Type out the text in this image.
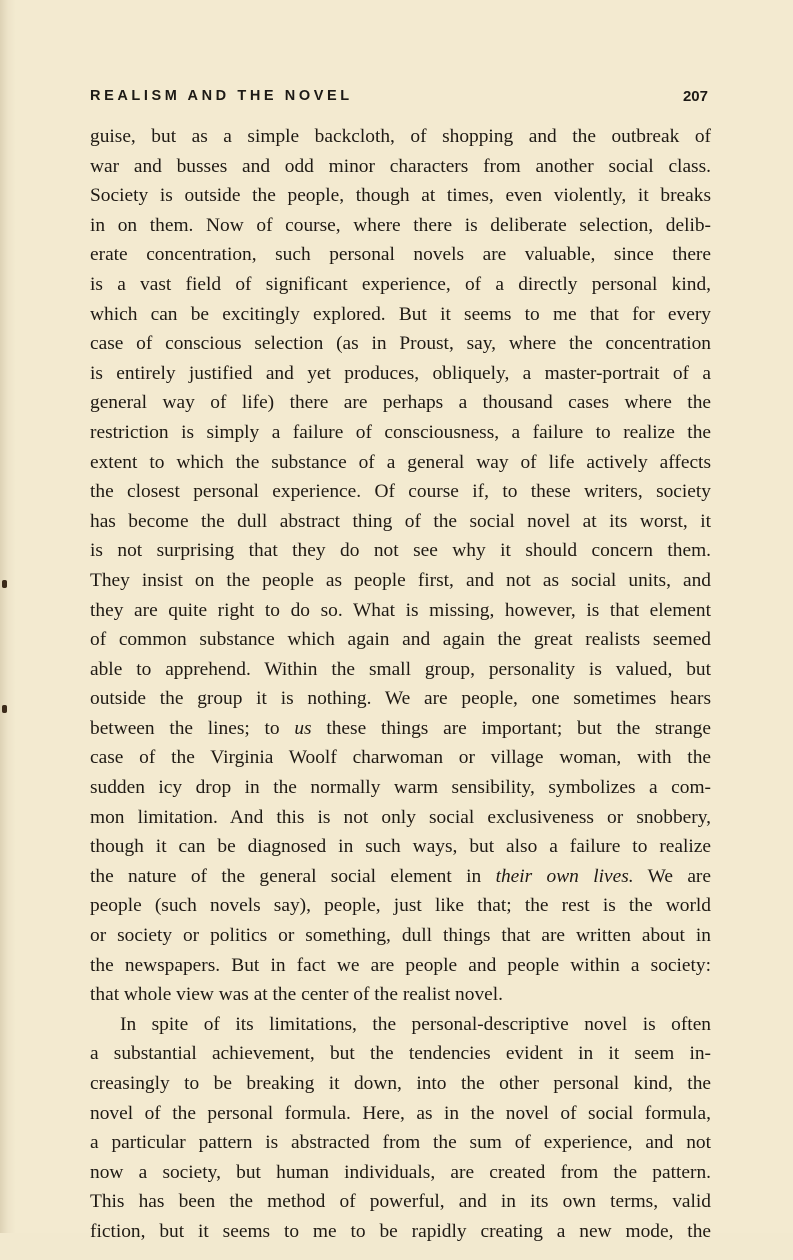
REALISM AND THE NOVEL	207

guise, but as a simple backcloth, of shopping and the outbreak of
war and busses and odd minor characters from another social class.
Society is outside the people, though at times, even violently, it breaks
in on them. Now of course, where there is deliberate selection, delib-
erate concentration, such personal novels are valuable, since there
is a vast field of significant experience, of a directly personal kind,
which can be excitingly explored. But it seems to me that for every
case of conscious selection (as in Proust, say, where the concentration
is entirely justified and yet produces, obliquely, a master-portrait of a
general way of life) there are perhaps a thousand cases where the
restriction is simply a failure of consciousness, a failure to realize the
extent to which the substance of a general way of life actively affects
the closest personal experience. Of course if, to these writers, society
has become the dull abstract thing of the social novel at its worst, it
is not surprising that they do not see why it should concern them.
They insist on the people as people first, and not as social units, and
they are quite right to do so. What is missing, however, is that element
of common substance which again and again the great realists seemed
able to apprehend. Within the small group, personality is valued, but
outside the group it is nothing. We are people, one sometimes hears
between the lines; to us these things are important; but the strange
case of the Virginia Woolf charwoman or village woman, with the
sudden icy drop in the normally warm sensibility, symbolizes a com-
mon limitation. And this is not only social exclusiveness or snobbery,
though it can be diagnosed in such ways, but also a failure to realize
the nature of the general social element in their own lives. We are
people (such novels say), people, just like that; the rest is the world
or society or politics or something, dull things that are written about in
the newspapers. But in fact we are people and people within a society:
that whole view was at the center of the realist novel.

In spite of its limitations, the personal-descriptive novel is often
a substantial achievement, but the tendencies evident in it seem in-
creasingly to be breaking it down, into the other personal kind, the
novel of the personal formula. Here, as in the novel of social formula,
a particular pattern is abstracted from the sum of experience, and not
now a society, but human individuals, are created from the pattern.
This has been the method of powerful, and in its own terms, valid
fiction, but it seems to me to be rapidly creating a new mode, the
